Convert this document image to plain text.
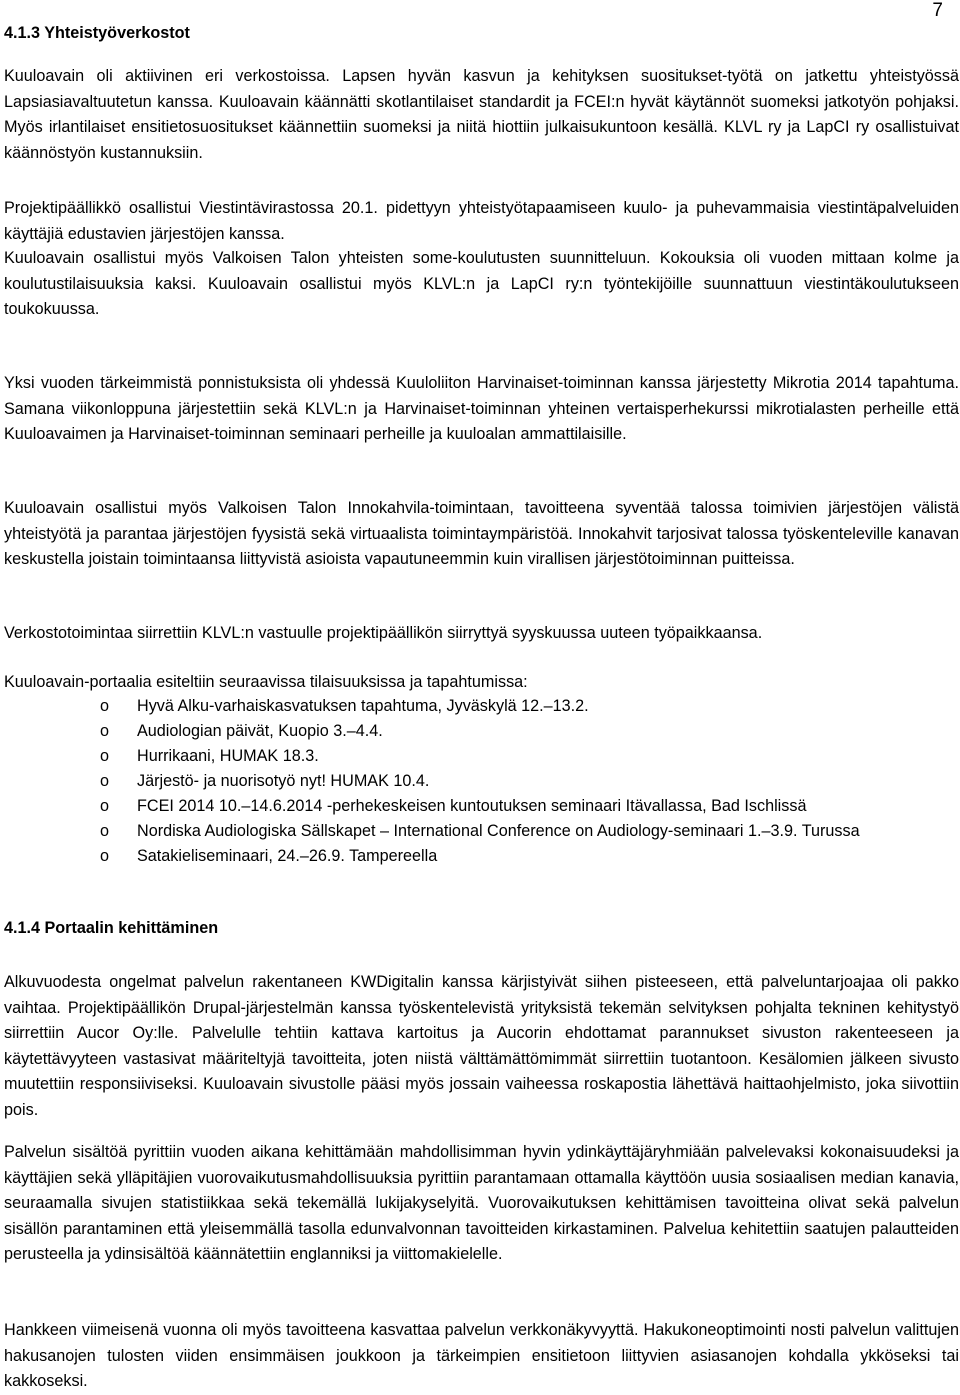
7
4.1.3 Yhteistyöverkostot

Kuuloavain oli aktiivinen eri verkostoissa. Lapsen hyvän kasvun ja kehityksen suositukset-työtä on jatkettu yhteistyössä Lapsiasiavaltuutetun kanssa. Kuuloavain käännätti skotlantilaiset standardit ja FCEI:n hyvät käytännöt suomeksi jatkotyön pohjaksi. Myös irlantilaiset ensitietosuositukset käännettiin suomeksi ja niitä hiottiin julkaisukuntoon kesällä. KLVL ry ja LapCI ry osallistuivat käännöstyön kustannuksiin.

Projektipäällikkö osallistui Viestintävirastossa 20.1. pidettyyn yhteistyötapaamiseen kuulo- ja puhevammaisia viestintäpalveluiden käyttäjiä edustavien järjestöjen kanssa.

Kuuloavain osallistui myös Valkoisen Talon yhteisten some-koulutusten suunnitteluun. Kokouksia oli vuoden mittaan kolme ja koulutustilaisuuksia kaksi. Kuuloavain osallistui myös KLVL:n ja LapCI ry:n työntekijöille suunnattuun viestintäkoulutukseen toukokuussa.

Yksi vuoden tärkeimmistä ponnistuksista oli yhdessä Kuuloliiton Harvinaiset-toiminnan kanssa järjestetty Mikrotia 2014 tapahtuma. Samana viikonloppuna järjestettiin sekä KLVL:n ja Harvinaiset-toiminnan yhteinen vertaisperhekurssi mikrotialasten perheille että Kuuloavaimen ja Harvinaiset-toiminnan seminaari perheille ja kuuloalan ammattilaisille.

Kuuloavain osallistui myös Valkoisen Talon Innokahvila-toimintaan, tavoitteena syventää talossa toimivien järjestöjen välistä yhteistyötä ja parantaa järjestöjen fyysistä sekä virtuaalista toimintaympäristöä. Innokahvit tarjosivat talossa työskenteleville kanavan keskustella joistain toimintaansa liittyvistä asioista vapautuneemmin kuin virallisen järjestötoiminnan puitteissa.

Verkostotoimintaa siirrettiin KLVL:n vastuulle projektipäällikön siirryttyä syyskuussa uuteen työpaikkaansa.

Kuuloavain-portaalia esiteltiin seuraavissa tilaisuuksissa ja tapahtumissa:

o Hyvä Alku-varhaiskasvatuksen tapahtuma, Jyväskylä 12.–13.2.
o Audiologian päivät, Kuopio 3.–4.4.
o Hurrikaani, HUMAK 18.3.
o Järjestö- ja nuorisotyö nyt! HUMAK 10.4.
o FCEI 2014 10.–14.6.2014 -perhekeskeisen kuntoutuksen seminaari Itävallassa, Bad Ischlissä
o Nordiska Audiologiska Sällskapet – International Conference on Audiology-seminaari 1.–3.9. Turussa
o Satakieliseminaari, 24.–26.9. Tampereella
4.1.4 Portaalin kehittäminen

Alkuvuodesta ongelmat palvelun rakentaneen KWDigitalin kanssa kärjistyivät siihen pisteeseen, että palveluntarjoajaa oli pakko vaihtaa. Projektipäällikön Drupal-järjestelmän kanssa työskentelevistä yrityksistä tekemän selvityksen pohjalta tekninen kehitystyö siirrettiin Aucor Oy:lle. Palvelulle tehtiin kattava kartoitus ja Aucorin ehdottamat parannukset sivuston rakenteeseen ja käytettävyyteen vastasivat määriteltyjä tavoitteita, joten niistä välttämättömimmät siirrettiin tuotantoon. Kesälomien jälkeen sivusto muutettiin responsiiviseksi. Kuuloavain sivustolle pääsi myös jossain vaiheessa roskapostia lähettävä haittaohjelmisto, joka siivottiin pois.

Palvelun sisältöä pyrittiin vuoden aikana kehittämään mahdollisimman hyvin ydinkäyttäjäryhmiään palvelevaksi kokonaisuudeksi ja käyttäjien sekä ylläpitäjien vuorovaikutusmahdollisuuksia pyrittiin parantamaan ottamalla käyttöön uusia sosiaalisen median kanavia, seuraamalla sivujen statistiikkaa sekä tekemällä lukijakyselyitä. Vuorovaikutuksen kehittämisen tavoitteina olivat sekä palvelun sisällön parantaminen että yleisemmällä tasolla edunvalvonnan tavoitteiden kirkastaminen. Palvelua kehitettiin saatujen palautteiden perusteella ja ydinsisältöä käännätettiin englanniksi ja viittomakielelle.

Hankkeen viimeisenä vuonna oli myös tavoitteena kasvattaa palvelun verkkonäkyvyyttä. Hakukoneoptimointi nosti palvelun valittujen hakusanojen tulosten viiden ensimmäisen joukkoon ja tärkeimpien ensitietoon liittyvien asiasanojen kohdalla ykköseksi tai kakkoseksi.
